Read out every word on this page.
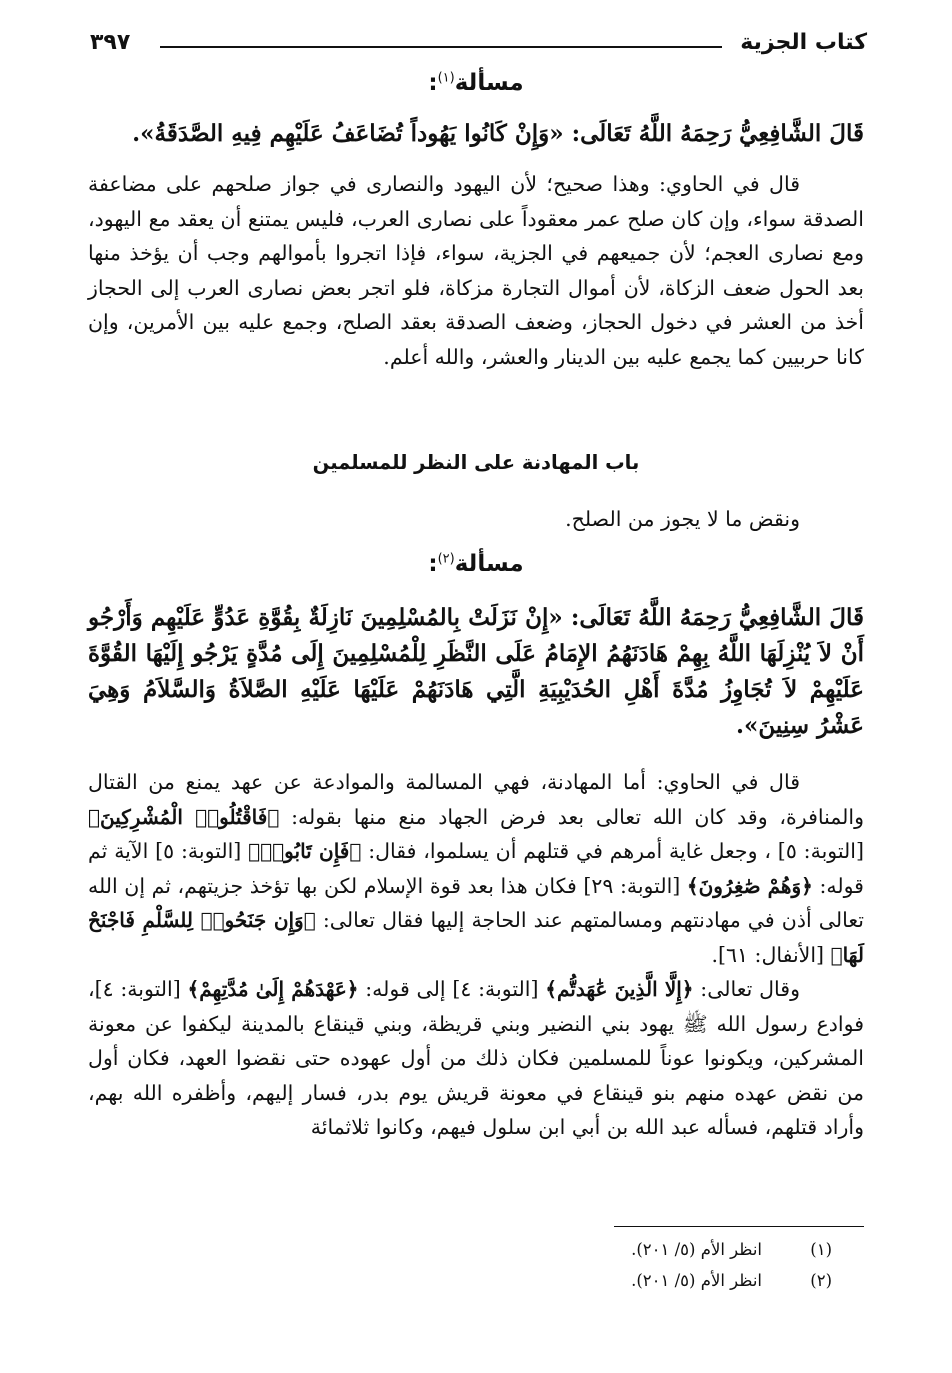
كتاب الجزية
٣٩٧
مسألة$^{(١)}$:
قَالَ الشَّافِعِيُّ رَحِمَهُ اللَّهُ تَعَالَى: «وَإِنْ كَانُوا يَهُوداً تُضَاعَفُ عَلَيْهِم فِيهِ الصَّدَقَةُ».

قال في الحاوي: وهذا صحيح؛ لأن اليهود والنصارى في جواز صلحهم على مضاعفة الصدقة سواء، وإن كان صلح عمر معقوداً على نصارى العرب، فليس يمتنع أن يعقد مع اليهود، ومع نصارى العجم؛ لأن جميعهم في الجزية، سواء، فإذا اتجروا بأموالهم وجب أن يؤخذ منها بعد الحول ضعف الزكاة، لأن أموال التجارة مزكاة، فلو اتجر بعض نصارى العرب إلى الحجاز أخذ من العشر في دخول الحجاز، وضعف الصدقة بعقد الصلح، وجمع عليه بين الأمرين، وإن كانا حربيين كما يجمع عليه بين الدينار والعشر، والله أعلم.

باب المهادنة على النظر للمسلمين

ونقض ما لا يجوز من الصلح.

مسألة$^{(٢)}$:
قَالَ الشَّافِعِيُّ رَحِمَهُ اللَّهُ تَعَالَى: «إِنْ نَزَلَتْ بِالمُسْلِمِينَ نَازِلَةٌ بِقُوَّةِ عَدُوٍّ عَلَيْهِم وَأَرْجُو أَنْ لاَ يُنْزِلَهَا اللَّهُ بِهِمْ هَادَنَهُمُ الإِمَامُ عَلَى النَّظَرِ لِلْمُسْلِمِينَ إِلَى مُدَّةٍ يَرْجُو إِلَيْهَا القُوَّةَ عَلَيْهِمْ لاَ تُجَاوِزُ مُدَّةَ أَهْلِ الحُدَيْبِيَةِ الَّتِي هَادَنَهُمْ عَلَيْهَا عَلَيْهِ الصَّلاَةُ وَالسَّلاَمُ وَهِيَ عَشْرُ سِنِينَ».

قال في الحاوي: أما المهادنة، فهي المسالمة والموادعة عن عهد يمنع من القتال والمنافرة، وقد كان الله تعالى بعد فرض الجهاد منع منها بقوله: ﴿فَاقْتُلُوا۟ الْمُشْرِكِينَ﴾ [التوبة: ٥] ، وجعل غاية أمرهم في قتلهم أن يسلموا، فقال: ﴿فَإِن تَابُوا۟﴾ [التوبة: ٥] الآية ثم قوله: ﴿وَهُمْ صَٰغِرُونَ﴾ [التوبة: ٢٩] فكان هذا بعد قوة الإسلام لكن بها تؤخذ جزيتهم، ثم إن الله تعالى أذن في مهادنتهم ومسالمتهم عند الحاجة إليها فقال تعالى: ﴿وَإِن جَنَحُوا۟ لِلسَّلْمِ فَاجْنَحْ لَهَا﴾ [الأنفال: ٦١].

وقال تعالى: ﴿إِلَّا الَّذِينَ عَٰهَدتُّم﴾ [التوبة: ٤] إلى قوله: ﴿عَهْدَهُمْ إِلَىٰ مُدَّتِهِمْ﴾ [التوبة: ٤]، فوادع رسول الله ﷺ يهود بني النضير وبني قريظة، وبني قينقاع بالمدينة ليكفوا عن معونة المشركين، ويكونوا عوناً للمسلمين فكان ذلك من أول عهوده حتى نقضوا العهد، فكان أول من نقض عهده منهم بنو قينقاع في معونة قريش يوم بدر، فسار إليهم، وأظفره الله بهم، وأراد قتلهم، فسأله عبد الله بن أبي ابن سلول فيهم، وكانوا ثلاثمائة

(١)انظر الأم (٥/ ٢٠١).
(٢)انظر الأم (٥/ ٢٠١).
